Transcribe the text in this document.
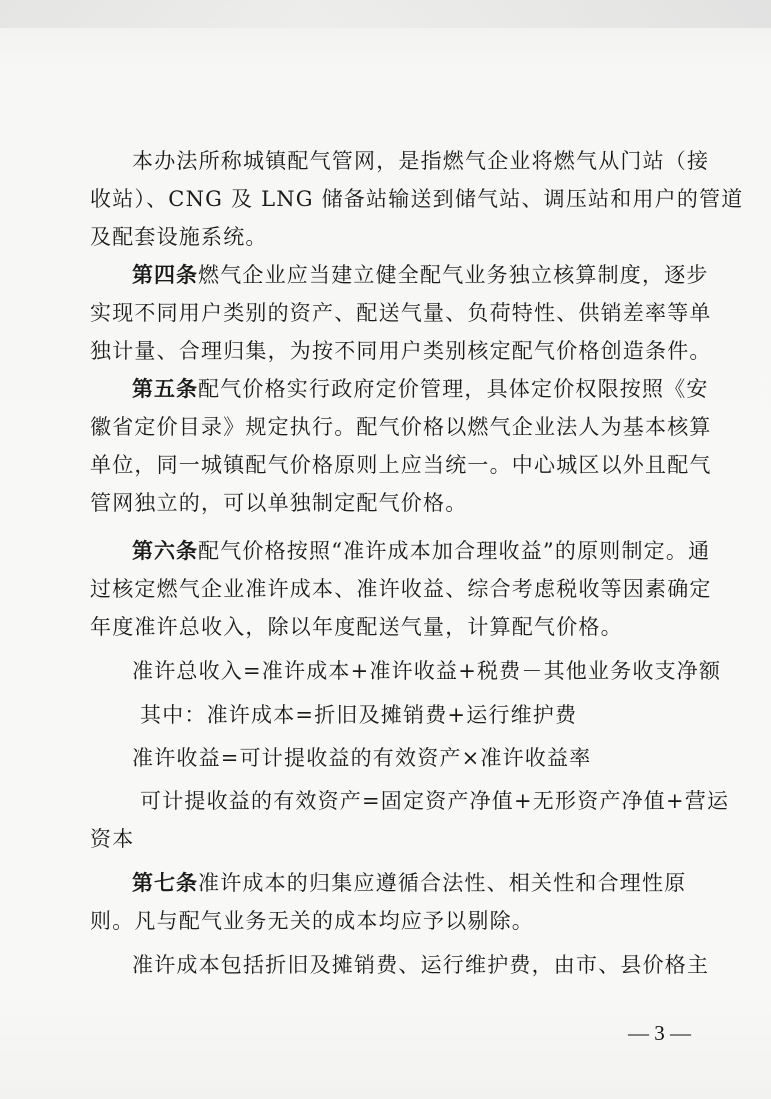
本办法所称城镇配气管网，是指燃气企业将燃气从门站（接
收站）、CNG 及 LNG 储备站输送到储气站、调压站和用户的管道
及配套设施系统。
第四条燃气企业应当建立健全配气业务独立核算制度，逐步
实现不同用户类别的资产、配送气量、负荷特性、供销差率等单
独计量、合理归集，为按不同用户类别核定配气价格创造条件。
第五条配气价格实行政府定价管理，具体定价权限按照《安
徽省定价目录》规定执行。配气价格以燃气企业法人为基本核算
单位，同一城镇配气价格原则上应当统一。中心城区以外且配气
管网独立的，可以单独制定配气价格。
第六条配气价格按照“准许成本加合理收益”的原则制定。通
过核定燃气企业准许成本、准许收益、综合考虑税收等因素确定
年度准许总收入，除以年度配送气量，计算配气价格。
准许总收入=准许成本+准许收益+税费－其他业务收支净额
其中：准许成本=折旧及摊销费+运行维护费
准许收益=可计提收益的有效资产×准许收益率
可计提收益的有效资产=固定资产净值+无形资产净值+营运
资本
第七条准许成本的归集应遵循合法性、相关性和合理性原
则。凡与配气业务无关的成本均应予以剔除。
准许成本包括折旧及摊销费、运行维护费，由市、县价格主
— 3 —
